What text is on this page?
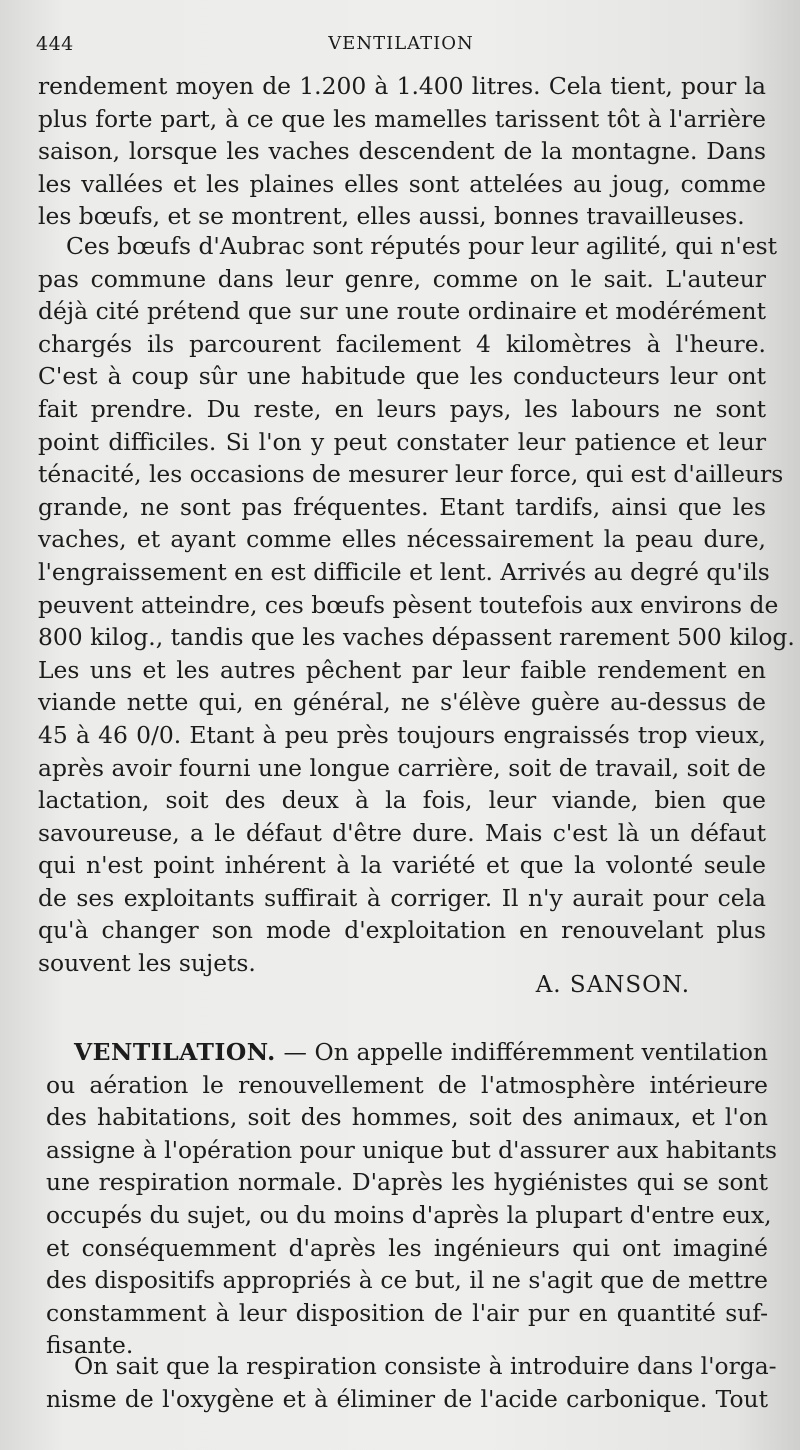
444	VENTILATION
rendement moyen de 1.200 à 1.400 litres. Cela tient, pour la
plus forte part, à ce que les mamelles tarissent tôt à l'arrière
saison, lorsque les vaches descendent de la montagne. Dans
les vallées et les plaines elles sont attelées au joug, comme
les bœufs, et se montrent, elles aussi, bonnes travailleuses.
Ces bœufs d'Aubrac sont réputés pour leur agilité, qui n'est
pas commune dans leur genre, comme on le sait. L'auteur
déjà cité prétend que sur une route ordinaire et modérément
chargés ils parcourent facilement 4 kilomètres à l'heure.
C'est à coup sûr une habitude que les conducteurs leur ont
fait prendre. Du reste, en leurs pays, les labours ne sont
point difficiles. Si l'on y peut constater leur patience et leur
ténacité, les occasions de mesurer leur force, qui est d'ailleurs
grande, ne sont pas fréquentes. Etant tardifs, ainsi que les
vaches, et ayant comme elles nécessairement la peau dure,
l'engraissement en est difficile et lent. Arrivés au degré qu'ils
peuvent atteindre, ces bœufs pèsent toutefois aux environs de
800 kilog., tandis que les vaches dépassent rarement 500 kilog.
Les uns et les autres pêchent par leur faible rendement en
viande nette qui, en général, ne s'élève guère au-dessus de
45 à 46 0/0. Etant à peu près toujours engraissés trop vieux,
après avoir fourni une longue carrière, soit de travail, soit de
lactation, soit des deux à la fois, leur viande, bien que
savoureuse, a le défaut d'être dure. Mais c'est là un défaut
qui n'est point inhérent à la variété et que la volonté seule
de ses exploitants suffirait à corriger. Il n'y aurait pour cela
qu'à changer son mode d'exploitation en renouvelant plus
souvent les sujets.
A. SANSON.
VENTILATION. — On appelle indifféremment ventilation
ou aération le renouvellement de l'atmosphère intérieure
des habitations, soit des hommes, soit des animaux, et l'on
assigne à l'opération pour unique but d'assurer aux habitants
une respiration normale. D'après les hygiénistes qui se sont
occupés du sujet, ou du moins d'après la plupart d'entre eux,
et conséquemment d'après les ingénieurs qui ont imaginé
des dispositifs appropriés à ce but, il ne s'agit que de mettre
constamment à leur disposition de l'air pur en quantité suf-
fisante.
On sait que la respiration consiste à introduire dans l'orga-
nisme de l'oxygène et à éliminer de l'acide carbonique. Tout
